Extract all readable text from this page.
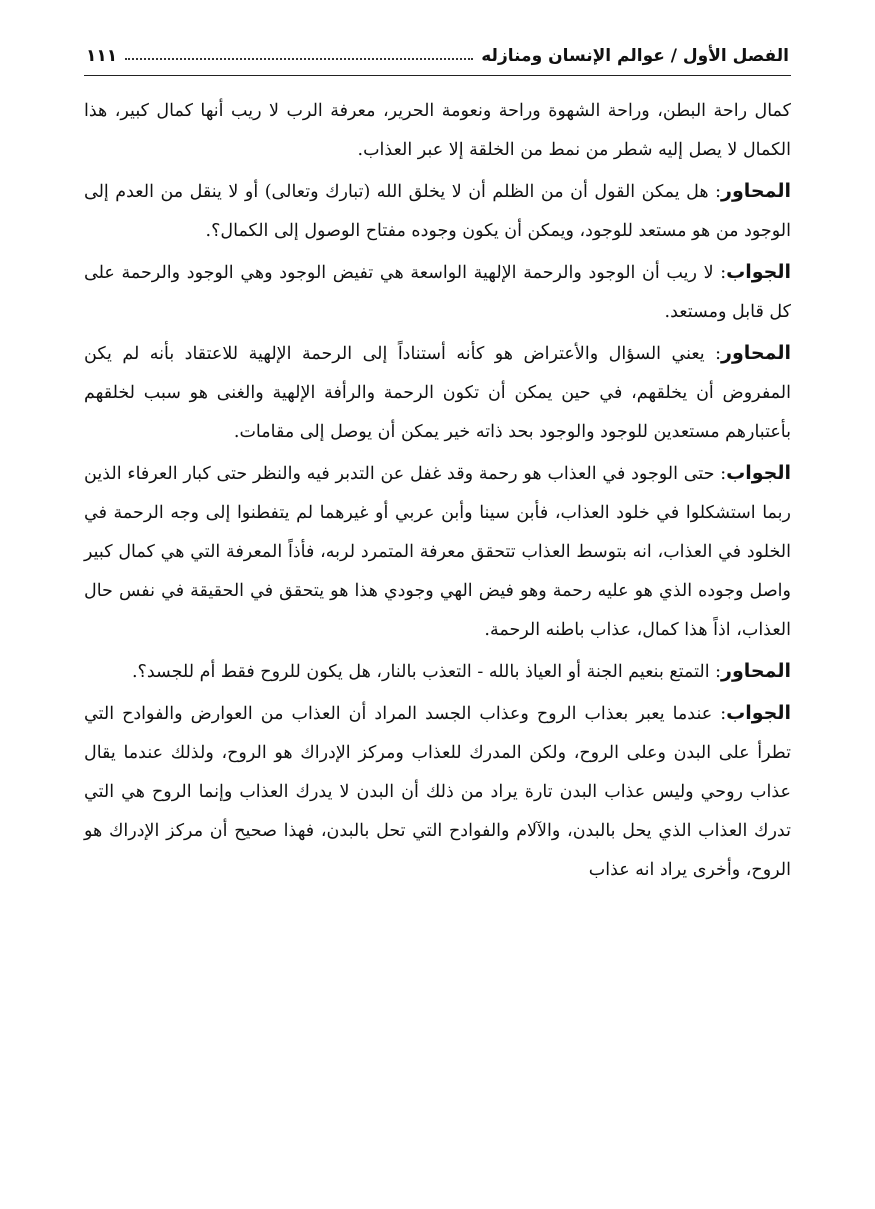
الفصل الأول / عوالم الإنسان ومنازله
١١١

كمال راحة البطن، وراحة الشهوة وراحة ونعومة الحرير، معرفة الرب لا ريب أنها كمال كبير، هذا الكمال لا يصل إليه شطر من نمط من الخلقة إلا عبر العذاب.

المحاور: هل يمكن القول أن من الظلم أن لا يخلق الله (تبارك وتعالى) أو لا ينقل من العدم إلى الوجود من هو مستعد للوجود، ويمكن أن يكون وجوده مفتاح الوصول إلى الكمال؟.

الجواب: لا ريب أن الوجود والرحمة الإلهية الواسعة هي تفيض الوجود وهي الوجود والرحمة على كل قابل ومستعد.

المحاور: يعني السؤال والأعتراض هو كأنه أستناداً إلى الرحمة الإلهية للاعتقاد بأنه لم يكن المفروض أن يخلقهم، في حين يمكن أن تكون الرحمة والرأفة الإلهية والغنى هو سبب لخلقهم بأعتبارهم مستعدين للوجود والوجود بحد ذاته خير يمكن أن يوصل إلى مقامات.

الجواب: حتى الوجود في العذاب هو رحمة وقد غفل عن التدبر فيه والنظر حتى كبار العرفاء الذين ربما استشكلوا في خلود العذاب، فأبن سينا وأبن عربي أو غيرهما لم يتفطنوا إلى وجه الرحمة في الخلود في العذاب، انه بتوسط العذاب تتحقق معرفة المتمرد لربه، فأذاً المعرفة التي هي كمال كبير واصل وجوده الذي هو عليه رحمة وهو فيض الهي وجودي هذا هو يتحقق في الحقيقة في نفس حال العذاب، اذاً هذا كمال، عذاب باطنه الرحمة.

المحاور: التمتع بنعيم الجنة أو العياذ بالله - التعذب بالنار، هل يكون للروح فقط أم للجسد؟.

الجواب: عندما يعبر بعذاب الروح وعذاب الجسد المراد أن العذاب من العوارض والفوادح التي تطرأ على البدن وعلى الروح، ولكن المدرك للعذاب ومركز الإدراك هو الروح، ولذلك عندما يقال عذاب روحي وليس عذاب البدن تارة يراد من ذلك أن البدن لا يدرك العذاب وإنما الروح هي التي تدرك العذاب الذي يحل بالبدن، والآلام والفوادح التي تحل بالبدن، فهذا صحيح أن مركز الإدراك هو الروح، وأخرى يراد انه عذاب
